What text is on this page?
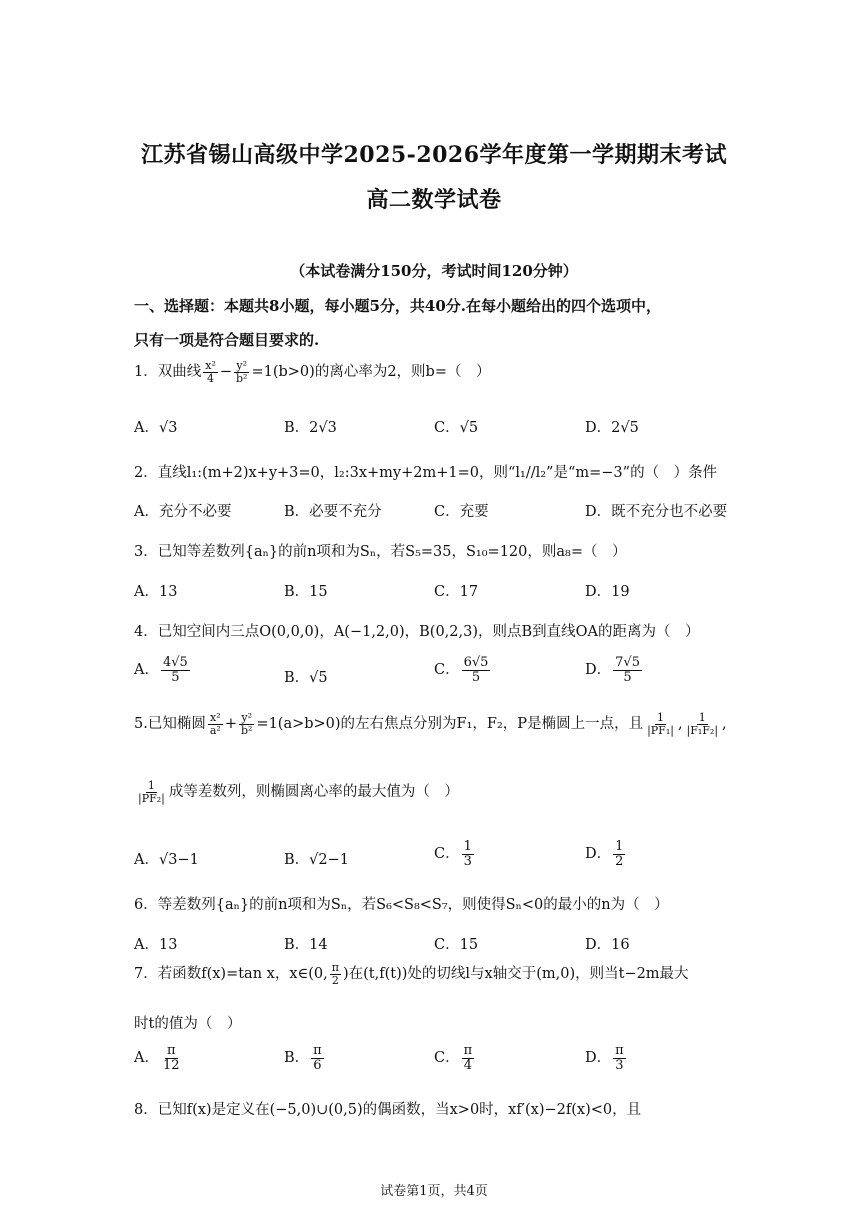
江苏省锡山高级中学2025-2026学年度第一学期期末考试
高二数学试卷
（本试卷满分150分，考试时间120分钟）
一、选择题：本题共8小题，每小题5分，共40分.在每小题给出的四个选项中，
只有一项是符合题目要求的.
1．双曲线 $\frac{\text{x²}}{4} - \frac{\text{y²}}{\text{b²}} =1(b>0)$的离心率为2，则b=（　）
A．√3	B．2√3	C．√5	D．2√5
2．直线l₁:(m+2)x+y+3=0，l₂:3x+my+2m+1=0，则“l₁//l₂”是“m=−3”的（　）条件
A．充分不必要	B．必要不充分	C．充要	D．既不充分也不必要
3．已知等差数列{aₙ}的前n项和为Sₙ，若S₅=35，S₁₀=120，则a₈=（　）
A．13	B．15	C．17	D．19
4．已知空间内三点O(0,0,0)，A(−1,2,0)，B(0,2,3)，则点B到直线OA的距离为（　）
A． $\frac{4√5}{5}$	B．√5	C． $\frac{6√5}{5}$	D． $\frac{7√5}{5}$
5.已知椭圆 $\frac{\text{x²}}{\text{a²}} + \frac{\text{y²}}{\text{b²}} =1(a>b>0)$的左右焦点分别为F₁，F₂，P是椭圆上一点，且 $\frac{1}{\text{|PF₁|}}$ , $\frac{1}{\text{|F₁F₂|}}$ ,
$\frac{1}{\text{|PF₂|}}$ 成等差数列，则椭圆离心率的最大值为（　）
A．√3−1	B．√2−1	C． $\frac{1}{3}$	D． $\frac{1}{2}$
6．等差数列{aₙ}的前n项和为Sₙ，若S₆<S₈<S₇，则使得Sₙ<0的最小的n为（　）
A．13	B．14	C．15	D．16
7．若函数f(x)=tan x，x∈(0, $\frac{\pi}{2}$ )在(t,f(t))处的切线l与x轴交于(m,0)，则当t−2m最大
时t的值为（　）
A． $\frac{\pi}{12}$	B． $\frac{\pi}{6}$	C． $\frac{\pi}{4}$	D． $\frac{\pi}{3}$
8．已知f(x)是定义在(−5,0)∪(0,5)的偶函数，当x>0时，xf′(x)−2f(x)<0，且
试卷第1页，共4页
